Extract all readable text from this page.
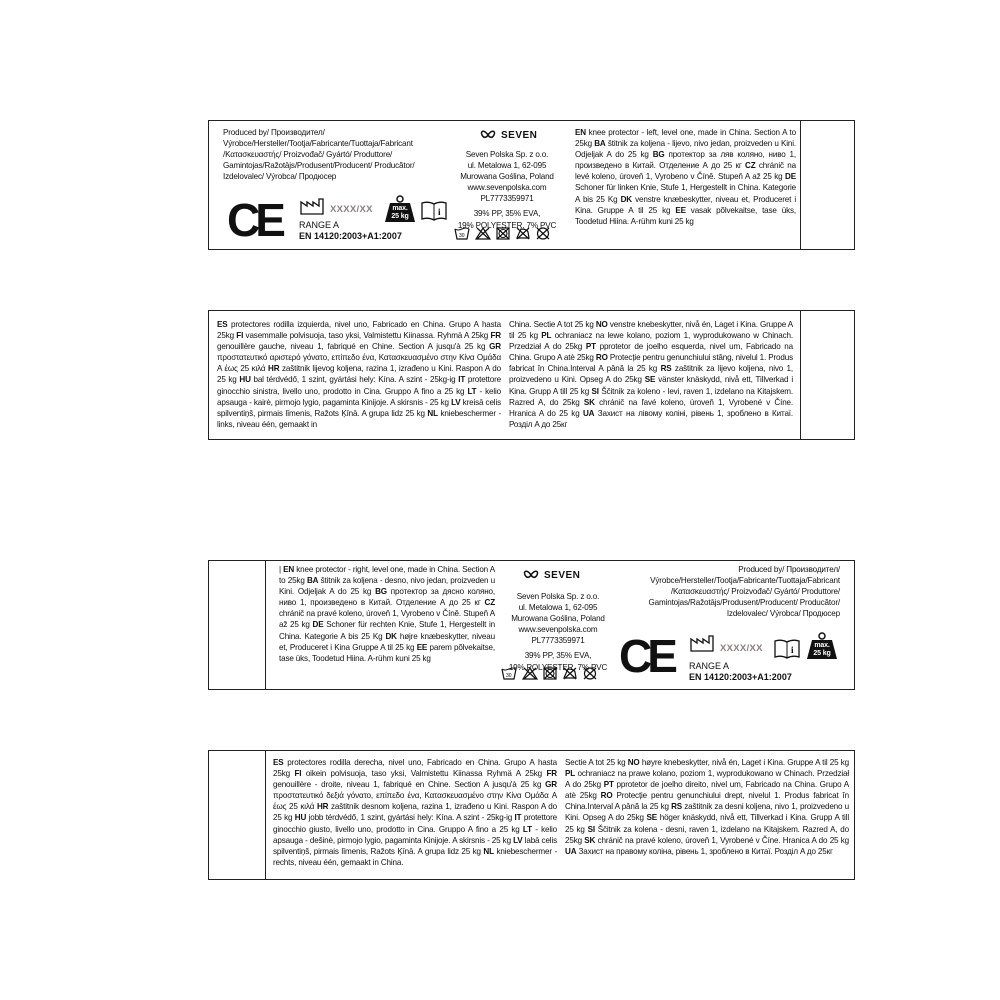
Produced by/ Производител/
Výrobce/Hersteller/Tootja/Fabricante/Tuottaja/Fabricant
/Κατασκευαστής/ Proizvođač/ Gyártó/ Produttore/
Gamintojas/Ražotājs/Produsent/Producent/ Producător/
Izdelovalec/ Výrobca/ Продюсер
CE	XXXX/XX	max.
25 kg	i
RANGE A
EN 14120:2003+A1:2007
SEVEN
Seven Polska Sp. z o.o.
ul. Metalowa 1, 62-095
Murowana Goślina, Poland
www.sevenpolska.com
PL7773359971
39% PP, 35% EVA,
19% POLYESTER, 7% PVC
30
EN knee protector - left, level one, made in China. Section A to 25kg BA štitnik za koljena - lijevo, nivo jedan, proizveden u Kini. Odjeljak A do 25 kg BG протектор за ляв коляно, ниво 1, произведено в Китай. Отделение А до 25 кг CZ chránič na levé koleno, úroveň 1, Vyrobeno v Číně. Stupeň A až 25 kg DE Schoner für linken Knie, Stufe 1, Hergestellt in China. Kategorie A bis 25 Kg DK venstre knæbeskytter, niveau et, Produceret i Kina. Gruppe A til 25 kg EE vasak põlvekaitse, tase üks, Toodetud Hiina. A-rühm kuni 25 kg
ES protectores rodilla izquierda, nivel uno, Fabricado en China. Grupo A hasta 25kg FI vasemmalle polvisuoja, taso yksi, Valmistettu Kiinassa. Ryhmä A 25kg FR genouillère gauche, niveau 1, fabriqué en Chine. Section A jusqu'à 25 kg GR προστατευτικό αριστερό γόνατο, επίπεδο ένα, Κατασκευασμένο στην Κίνα Ομάδα A έως 25 κιλά HR zaštitnik lijevog koljena, razina 1, izrađeno u Kini. Raspon A do 25 kg HU bal térdvédő, 1 szint, gyártási hely: Kína. A szint - 25kg-ig IT protettore ginocchio sinistra, livello uno, prodotto in Cina. Gruppo A fino a 25 kg LT - kelio apsauga - kairė, pirmojo lygio, pagaminta Kinijoje. A skirsnis - 25 kg LV kreisā celis spilventiņš, pirmais līmenis, Ražots Ķīnā. A grupa lidz 25 kg NL kniebeschermer - links, niveau één, gemaakt in
China. Sectie A tot 25 kg NO venstre knebeskytter, nivå én, Laget i Kina. Gruppe A til 25 kg PL ochraniacz na lewe kolano, poziom 1, wyprodukowano w Chinach. Przedział A do 25kg PT pprotetor de joelho esquerda, nivel um, Fabricado na China. Grupo A atè 25kg RO Protecție pentru genunchiului stâng, nivelul 1. Produs fabricat în China.Interval A până la 25 kg RS zaštitnik za lijevo koljena, nivo 1, proizvedeno u Kini. Opseg A do 25kg SE vänster knäskydd, nivå ett, Tillverkad i Kina. Grupp A till 25 kg SI Ščitnik za koleno - levi, raven 1, izdelano na Kitajskem. Razred A, do 25kg SK chránič na ľavé koleno, úroveň 1, Vyrobené v Číne. Hranica A do 25 kg UA Захист на лівому коліні, рівень 1, зроблено в Китаї. Розділ A до 25кг
| EN knee protector - right, level one, made in China. Section A to 25kg BA štitnik za koljena - desno, nivo jedan, proizveden u Kini. Odjeljak A do 25 kg BG протектор за дясно коляно, ниво 1, произведено в Китай. Отделение А до 25 кг CZ chránič na pravé koleno, úroveň 1, Vyrobeno v Číně. Stupeň A až 25 kg DE Schoner für rechten Knie, Stufe 1, Hergestellt in China. Kategorie A bis 25 Kg DK højre knæbeskytter, niveau et, Produceret i Kina Gruppe A til 25 kg EE parem põlvekaitse, tase üks, Toodetud Hiina. A-rühm kuni 25 kg
SEVEN
Seven Polska Sp. z o.o.
ul. Metalowa 1, 62-095
Murowana Goślina, Poland
www.sevenpolska.com
PL7773359971
39% PP, 35% EVA,
19% POLYESTER, 7% PVC
30
Produced by/ Производител/
Výrobce/Hersteller/Tootja/Fabricante/Tuottaja/Fabricant
/Κατασκευαστής/ Proizvođač/ Gyártó/ Produttore/
Gamintojas/Ražotājs/Produsent/Producent/ Producător/
Izdelovalec/ Výrobca/ Продюсер
CE	XXXX/XX	i	max.
25 kg
RANGE A
EN 14120:2003+A1:2007
ES protectores rodilla derecha, nivel uno, Fabricado en China. Grupo A hasta 25kg FI oikein polvisuoja, taso yksi, Valmistettu Kiinassa Ryhmä A 25kg FR genouillère - droite, niveau 1, fabriqué en Chine. Section A jusqu'à 25 kg GR προστατευτικό δεξιά γόνατο, επίπεδο ένα, Κατασκευασμένο στην Κίνα Ομάδα A έως 25 κιλά HR zaštitnik desnom koljena, razina 1, izrađeno u Kini. Raspon A do 25 kg HU jobb térdvédő, 1 szint, gyártási hely: Kína. A szint - 25kg-ig IT protettore ginocchio giusto, livello uno, prodotto in Cina. Gruppo A fino a 25 kg LT - kelio apsauga - dešinė, pirmojo lygio, pagaminta Kinijoje. A skirsnis - 25 kg LV labā celis spilventiņš, pirmais līmenis, Ražots Ķīnā. A grupa lidz 25 kg NL kniebeschermer - rechts, niveau één, gemaakt in China.
Sectie A tot 25 kg NO høyre knebeskytter, nivå én, Laget i Kina. Gruppe A til 25 kg PL ochraniacz na prawe kolano, poziom 1, wyprodukowano w Chinach. Przedział A do 25kg PT pprotetor de joelho direito, nivel um, Fabricado na China. Grupo A atè 25kg RO Protecție pentru genunchiului drept, nivelul 1. Produs fabricat în China.Interval A până la 25 kg RS zaštitnik za desni koljena, nivo 1, proizvedeno u Kini. Opseg A do 25kg SE höger knäskydd, nivå ett, Tillverkad i Kina. Grupp A till 25 kg SI Ščitnik za kolena - desni, raven 1, izdelano na Kitajskem. Razred A, do 25kg SK chránič na pravé koleno, úroveň 1, Vyrobené v Číne. Hranica A do 25 kg UA Захист на правому коліна, рівень 1, зроблено в Китаї. Розділ A до 25кг
